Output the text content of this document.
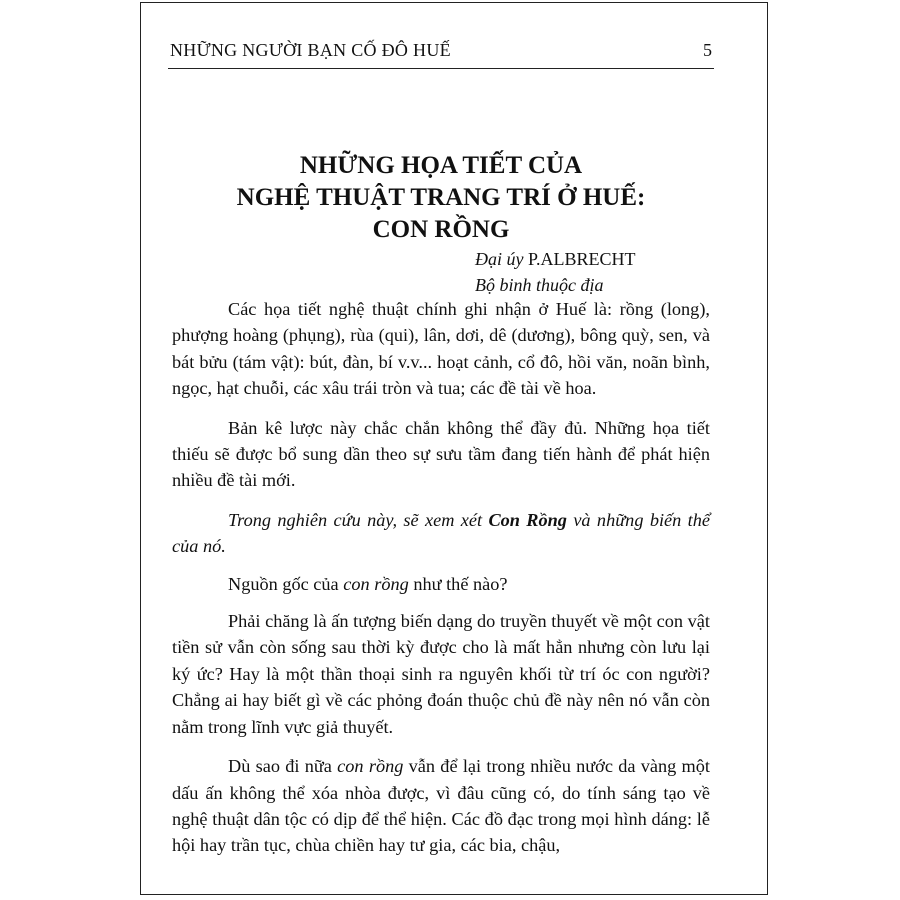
NHỮNG NGƯỜI BẠN CỐ ĐÔ HUẾ	5
NHỮNG HỌA TIẾT CỦA
NGHỆ THUẬT TRANG TRÍ Ở HUẾ:
CON RỒNG
Đại úy P.ALBRECHT
Bộ binh thuộc địa

Các họa tiết nghệ thuật chính ghi nhận ở Huế là: rồng (long), phượng hoàng (phụng), rùa (qui), lân, dơi, dê (dương), bông quỳ, sen, và bát bửu (tám vật): bút, đàn, bí v.v... hoạt cảnh, cổ đô, hồi văn, noãn bình, ngọc, hạt chuỗi, các xâu trái tròn và tua; các đề tài về hoa.

Bản kê lược này chắc chắn không thể đầy đủ. Những họa tiết thiếu sẽ được bổ sung dần theo sự sưu tầm đang tiến hành để phát hiện nhiều đề tài mới.

Trong nghiên cứu này, sẽ xem xét Con Rồng và những biến thể của nó.

Nguồn gốc của con rồng như thế nào?

Phải chăng là ấn tượng biến dạng do truyền thuyết về một con vật tiền sử vẫn còn sống sau thời kỳ được cho là mất hẳn nhưng còn lưu lại ký ức? Hay là một thần thoại sinh ra nguyên khối từ trí óc con người? Chẳng ai hay biết gì về các phỏng đoán thuộc chủ đề này nên nó vẫn còn nằm trong lĩnh vực giả thuyết.

Dù sao đi nữa con rồng vẫn để lại trong nhiều nước da vàng một dấu ấn không thể xóa nhòa được, vì đâu cũng có, do tính sáng tạo về nghệ thuật dân tộc có dịp để thể hiện. Các đồ đạc trong mọi hình dáng: lễ hội hay trần tục, chùa chiền hay tư gia, các bia, chậu,
